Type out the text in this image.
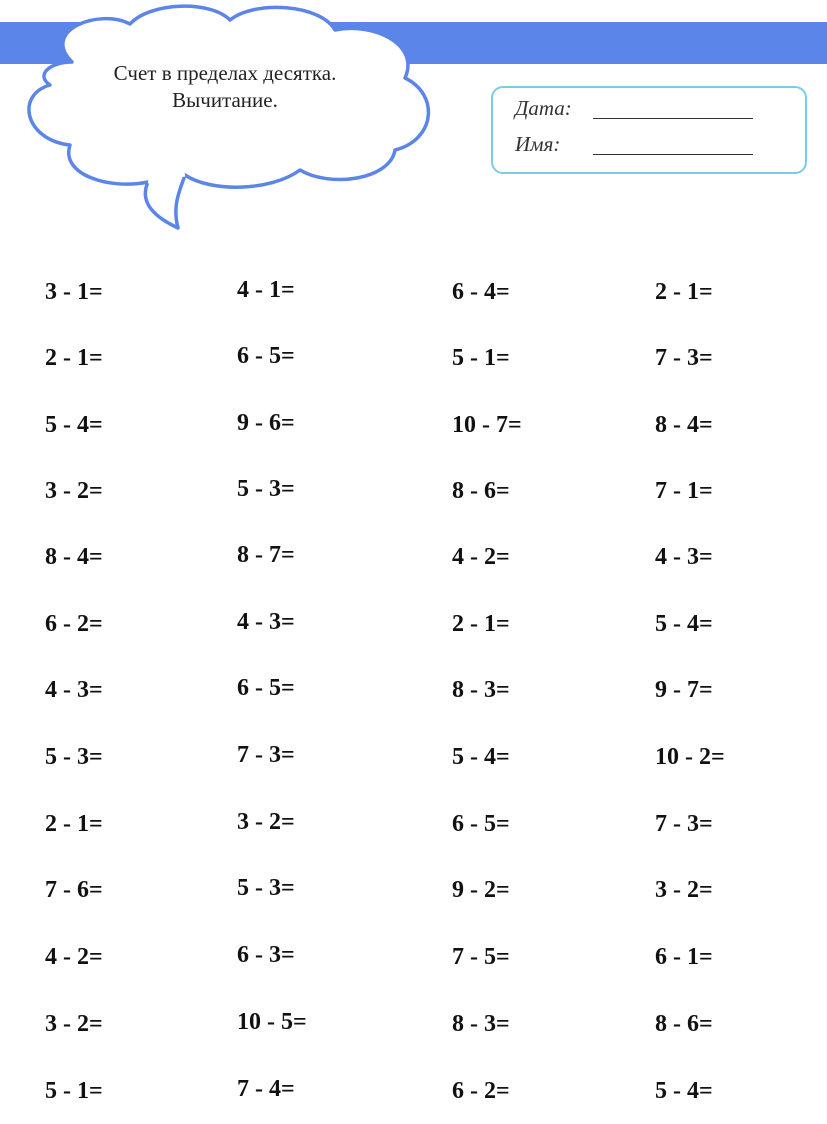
Счет в пределах десятка.
Вычитание.	Дата:
Имя:
3 - 1=
2 - 1=
5 - 4=
3 - 2=
8 - 4=
6 - 2=
4 - 3=
5 - 3=
2 - 1=
7 - 6=
4 - 2=
3 - 2=
5 - 1=
4 - 1=
6 - 5=
9 - 6=
5 - 3=
8 - 7=
4 - 3=
6 - 5=
7 - 3=
3 - 2=
5 - 3=
6 - 3=
10 - 5=
7 - 4=
6 - 4=
5 - 1=
10 - 7=
8 - 6=
4 - 2=
2 - 1=
8 - 3=
5 - 4=
6 - 5=
9 - 2=
7 - 5=
8 - 3=
6 - 2=
2 - 1=
7 - 3=
8 - 4=
7 - 1=
4 - 3=
5 - 4=
9 - 7=
10 - 2=
7 - 3=
3 - 2=
6 - 1=
8 - 6=
5 - 4=
